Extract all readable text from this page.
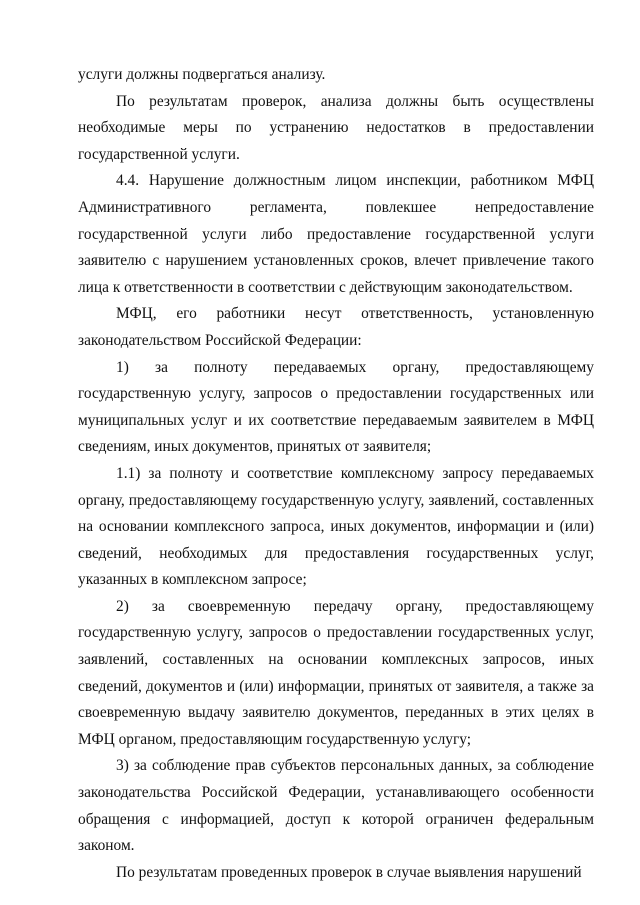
услуги должны подвергаться анализу.

По результатам проверок, анализа должны быть осуществлены необходимые меры по устранению недостатков в предоставлении государственной услуги.

4.4. Нарушение должностным лицом инспекции, работником МФЦ Административного регламента, повлекшее непредоставление государственной услуги либо предоставление государственной услуги заявителю с нарушением установленных сроков, влечет привлечение такого лица к ответственности в соответствии с действующим законодательством.

МФЦ, его работники несут ответственность, установленную законодательством Российской Федерации:

1) за полноту передаваемых органу, предоставляющему государственную услугу, запросов о предоставлении государственных или муниципальных услуг и их соответствие передаваемым заявителем в МФЦ сведениям, иных документов, принятых от заявителя;

1.1) за полноту и соответствие комплексному запросу передаваемых органу, предоставляющему государственную услугу, заявлений, составленных на основании комплексного запроса, иных документов, информации и (или) сведений, необходимых для предоставления государственных услуг, указанных в комплексном запросе;

2) за своевременную передачу органу, предоставляющему государственную услугу, запросов о предоставлении государственных услуг, заявлений, составленных на основании комплексных запросов, иных сведений, документов и (или) информации, принятых от заявителя, а также за своевременную выдачу заявителю документов, переданных в этих целях в МФЦ органом, предоставляющим государственную услугу;

3) за соблюдение прав субъектов персональных данных, за соблюдение законодательства Российской Федерации, устанавливающего особенности обращения с информацией, доступ к которой ограничен федеральным законом.

По результатам проведенных проверок в случае выявления нарушений
